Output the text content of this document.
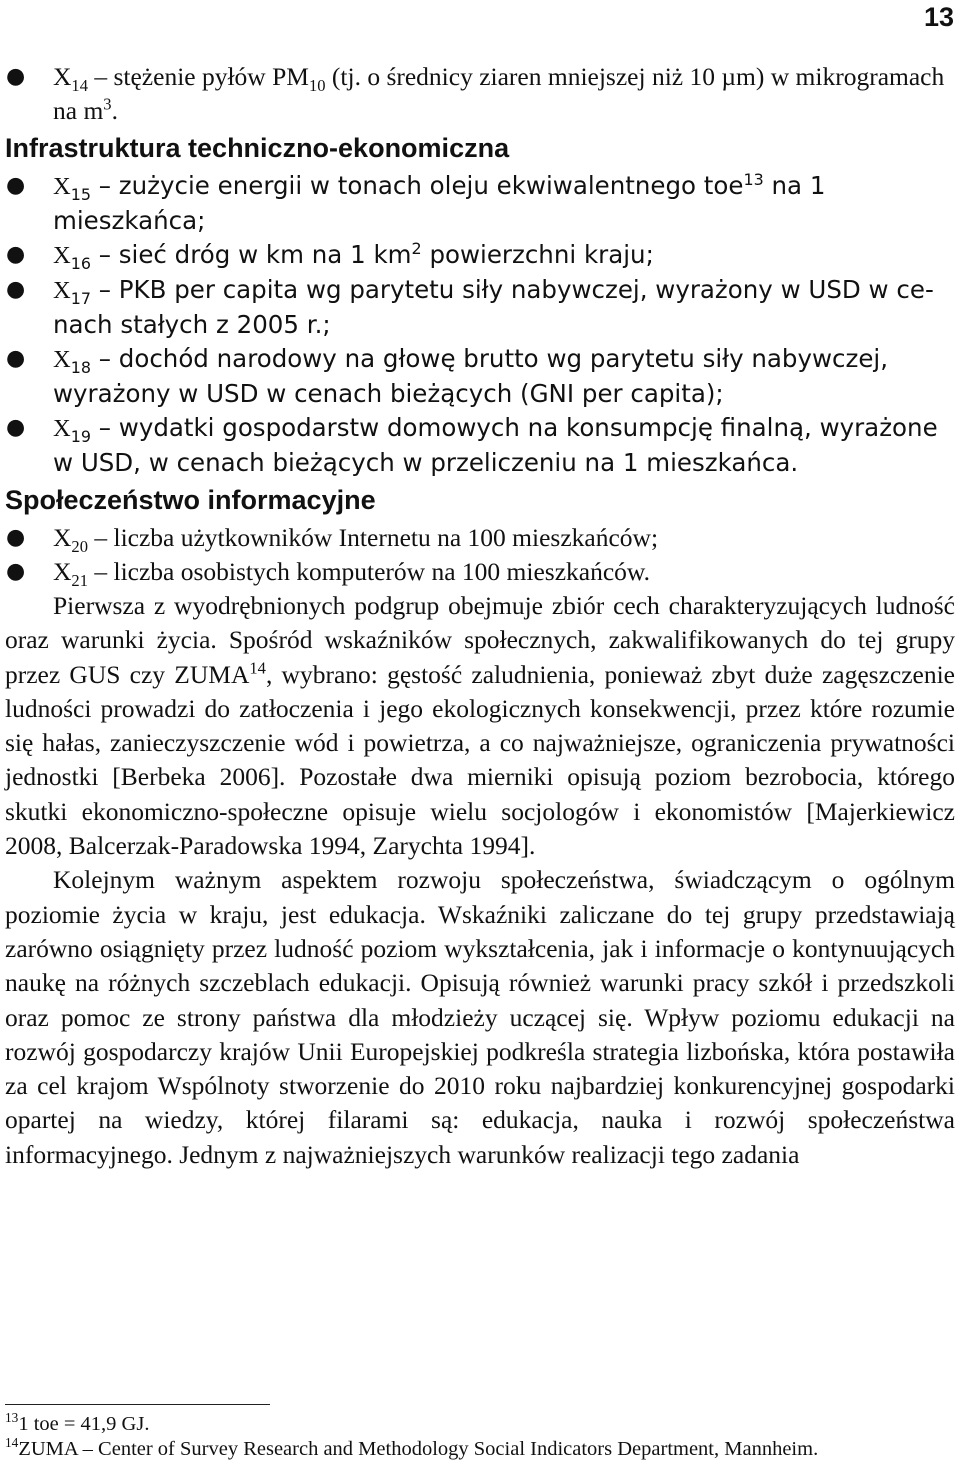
13
● $X_{14}$ – stężenie pyłów $PM_{10}$ (tj. o średnicy ziaren mniejszej niż 10 µm) w mikrogramach na $m^3$.
Infrastruktura techniczno-ekonomiczna
● $X_{15}$ – zużycie energii w tonach oleju ekwiwalentnego toe$^{13}$ na 1 mieszkańca;
● $X_{16}$ – sieć dróg w km na 1 $km^2$ powierzchni kraju;
● $X_{17}$ – PKB per capita wg parytetu siły nabywczej, wyrażony w USD w cenach stałych z 2005 r.;
● $X_{18}$ – dochód narodowy na głowę brutto wg parytetu siły nabywczej, wyrażony w USD w cenach bieżących (GNI per capita);
● $X_{19}$ – wydatki gospodarstw domowych na konsumpcję finalną, wyrażone w USD, w cenach bieżących w przeliczeniu na 1 mieszkańca.
Społeczeństwo informacyjne
● $X_{20}$ – liczba użytkowników Internetu na 100 mieszkańców;
● $X_{21}$ – liczba osobistych komputerów na 100 mieszkańców.

Pierwsza z wyodrębnionych podgrup obejmuje zbiór cech charakteryzujących ludność oraz warunki życia. Spośród wskaźników społecznych, zakwalifikowanych do tej grupy przez GUS czy ZUMA$^{14}$, wybrano: gęstość zaludnienia, ponieważ zbyt duże zagęszczenie ludności prowadzi do zatłoczenia i jego ekologicznych konsekwencji, przez które rozumie się hałas, zanieczyszczenie wód i powietrza, a co najważniejsze, ograniczenia prywatności jednostki [Berbeka 2006]. Pozostałe dwa mierniki opisują poziom bezrobocia, którego skutki ekonomiczno-społeczne opisuje wielu socjologów i ekonomistów [Majerkiewicz 2008, Balcerzak-Paradowska 1994, Zarychta 1994].

Kolejnym ważnym aspektem rozwoju społeczeństwa, świadczącym o ogólnym poziomie życia w kraju, jest edukacja. Wskaźniki zaliczane do tej grupy przedstawiają zarówno osiągnięty przez ludność poziom wykształcenia, jak i informacje o kontynuujących naukę na różnych szczeblach edukacji. Opisują również warunki pracy szkół i przedszkoli oraz pomoc ze strony państwa dla młodzieży uczącej się. Wpływ poziomu edukacji na rozwój gospodarczy krajów Unii Europejskiej podkreśla strategia lizbońska, która postawiła za cel krajom Wspólnoty stworzenie do 2010 roku najbardziej konkurencyjnej gospodarki opartej na wiedzy, której filarami są: edukacja, nauka i rozwój społeczeństwa informacyjnego. Jednym z najważniejszych warunków realizacji tego zadania

$^{13}$1 toe = 41,9 GJ.
$^{14}$ZUMA – Center of Survey Research and Methodology Social Indicators Department, Mannheim.
